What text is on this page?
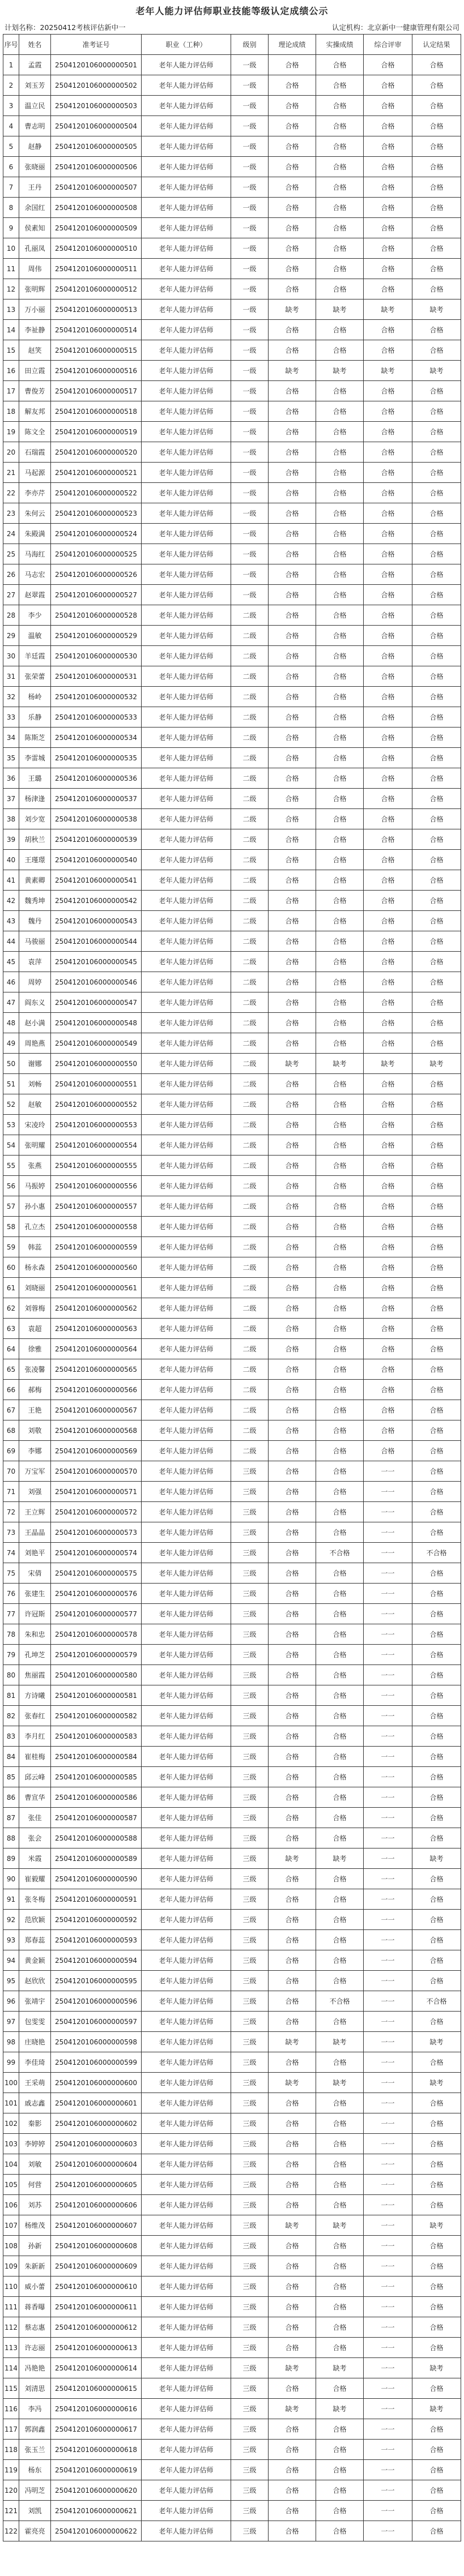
老年人能力评估师职业技能等级认定成绩公示
计划名称：20250412考核评估新中一	认定机构：北京新中一健康管理有限公司
序号	姓名	准考证号	职业（工种）	级别	理论成绩	实操成绩	综合评审	认定结果
1	孟霞	2504120106000000501	老年人能力评估师	一级	合格	合格	合格	合格
2	刘玉芳	2504120106000000502	老年人能力评估师	一级	合格	合格	合格	合格
3	温立民	2504120106000000503	老年人能力评估师	一级	合格	合格	合格	合格
4	曹志明	2504120106000000504	老年人能力评估师	一级	合格	合格	合格	合格
5	赵静	2504120106000000505	老年人能力评估师	一级	合格	合格	合格	合格
6	张晓丽	2504120106000000506	老年人能力评估师	一级	合格	合格	合格	合格
7	王丹	2504120106000000507	老年人能力评估师	一级	合格	合格	合格	合格
8	余国红	2504120106000000508	老年人能力评估师	一级	合格	合格	合格	合格
9	侯素知	2504120106000000509	老年人能力评估师	一级	合格	合格	合格	合格
10	孔丽凤	2504120106000000510	老年人能力评估师	一级	合格	合格	合格	合格
11	周伟	2504120106000000511	老年人能力评估师	一级	合格	合格	合格	合格
12	张明辉	2504120106000000512	老年人能力评估师	一级	合格	合格	合格	合格
13	万小丽	2504120106000000513	老年人能力评估师	一级	缺考	缺考	缺考	缺考
14	李祉静	2504120106000000514	老年人能力评估师	一级	合格	合格	合格	合格
15	赵笑	2504120106000000515	老年人能力评估师	一级	合格	合格	合格	合格
16	田立霞	2504120106000000516	老年人能力评估师	一级	缺考	缺考	缺考	缺考
17	曹俊芳	2504120106000000517	老年人能力评估师	一级	合格	合格	合格	合格
18	解友邦	2504120106000000518	老年人能力评估师	一级	合格	合格	合格	合格
19	陈文全	2504120106000000519	老年人能力评估师	一级	合格	合格	合格	合格
20	石瑞霞	2504120106000000520	老年人能力评估师	一级	合格	合格	合格	合格
21	马起源	2504120106000000521	老年人能力评估师	一级	合格	合格	合格	合格
22	李亦芹	2504120106000000522	老年人能力评估师	一级	合格	合格	合格	合格
23	朱何云	2504120106000000523	老年人能力评估师	一级	合格	合格	合格	合格
24	朱殿满	2504120106000000524	老年人能力评估师	一级	合格	合格	合格	合格
25	马海红	2504120106000000525	老年人能力评估师	一级	合格	合格	合格	合格
26	马志宏	2504120106000000526	老年人能力评估师	一级	合格	合格	合格	合格
27	赵翠霞	2504120106000000527	老年人能力评估师	一级	合格	合格	合格	合格
28	李少	2504120106000000528	老年人能力评估师	二级	合格	合格	合格	合格
29	温敏	2504120106000000529	老年人能力评估师	二级	合格	合格	合格	合格
30	羊廷霞	2504120106000000530	老年人能力评估师	二级	合格	合格	合格	合格
31	张荣蕾	2504120106000000531	老年人能力评估师	二级	合格	合格	合格	合格
32	杨岭	2504120106000000532	老年人能力评估师	二级	合格	合格	合格	合格
33	乐静	2504120106000000533	老年人能力评估师	二级	合格	合格	合格	合格
34	陈斯芝	2504120106000000534	老年人能力评估师	二级	合格	合格	合格	合格
35	李雷城	2504120106000000535	老年人能力评估师	二级	合格	合格	合格	合格
36	王璐	2504120106000000536	老年人能力评估师	二级	合格	合格	合格	合格
37	杨津逢	2504120106000000537	老年人能力评估师	二级	合格	合格	合格	合格
38	刘少宽	2504120106000000538	老年人能力评估师	二级	合格	合格	合格	合格
39	胡秋兰	2504120106000000539	老年人能力评估师	二级	合格	合格	合格	合格
40	王瑾璟	2504120106000000540	老年人能力评估师	二级	合格	合格	合格	合格
41	黄素卿	2504120106000000541	老年人能力评估师	二级	合格	合格	合格	合格
42	魏秀坤	2504120106000000542	老年人能力评估师	二级	合格	合格	合格	合格
43	魏丹	2504120106000000543	老年人能力评估师	二级	合格	合格	合格	合格
44	马骏丽	2504120106000000544	老年人能力评估师	二级	合格	合格	合格	合格
45	袁萍	2504120106000000545	老年人能力评估师	二级	合格	合格	合格	合格
46	周婷	2504120106000000546	老年人能力评估师	二级	合格	合格	合格	合格
47	阎东义	2504120106000000547	老年人能力评估师	二级	合格	合格	合格	合格
48	赵小满	2504120106000000548	老年人能力评估师	二级	合格	合格	合格	合格
49	周艳燕	2504120106000000549	老年人能力评估师	二级	合格	合格	合格	合格
50	谢娜	2504120106000000550	老年人能力评估师	二级	缺考	缺考	缺考	缺考
51	刘畅	2504120106000000551	老年人能力评估师	二级	合格	合格	合格	合格
52	赵敏	2504120106000000552	老年人能力评估师	二级	合格	合格	合格	合格
53	宋凌玲	2504120106000000553	老年人能力评估师	二级	合格	合格	合格	合格
54	张明耀	2504120106000000554	老年人能力评估师	二级	合格	合格	合格	合格
55	张燕	2504120106000000555	老年人能力评估师	二级	合格	合格	合格	合格
56	马振婷	2504120106000000556	老年人能力评估师	二级	合格	合格	合格	合格
57	孙小惠	2504120106000000557	老年人能力评估师	二级	合格	合格	合格	合格
58	孔立杰	2504120106000000558	老年人能力评估师	二级	合格	合格	合格	合格
59	韩蕊	2504120106000000559	老年人能力评估师	二级	合格	合格	合格	合格
60	杨永森	2504120106000000560	老年人能力评估师	二级	合格	合格	合格	合格
61	刘晓丽	2504120106000000561	老年人能力评估师	二级	合格	合格	合格	合格
62	刘蓉梅	2504120106000000562	老年人能力评估师	二级	合格	合格	合格	合格
63	袁超	2504120106000000563	老年人能力评估师	二级	合格	合格	合格	合格
64	徐雅	2504120106000000564	老年人能力评估师	二级	合格	合格	合格	合格
65	张凌馨	2504120106000000565	老年人能力评估师	二级	合格	合格	合格	合格
66	郝梅	2504120106000000566	老年人能力评估师	二级	合格	合格	合格	合格
67	王艳	2504120106000000567	老年人能力评估师	二级	合格	合格	合格	合格
68	刘敬	2504120106000000568	老年人能力评估师	二级	合格	合格	合格	合格
69	李娜	2504120106000000569	老年人能力评估师	二级	合格	合格	合格	合格
70	万宝军	2504120106000000570	老年人能力评估师	三级	合格	合格	一一	合格
71	刘强	2504120106000000571	老年人能力评估师	三级	合格	合格	一一	合格
72	王立辉	2504120106000000572	老年人能力评估师	三级	合格	合格	一一	合格
73	王晶晶	2504120106000000573	老年人能力评估师	三级	合格	合格	一一	合格
74	刘艳平	2504120106000000574	老年人能力评估师	三级	合格	不合格	一一	不合格
75	宋倩	2504120106000000575	老年人能力评估师	三级	合格	合格	一一	合格
76	张建生	2504120106000000576	老年人能力评估师	三级	合格	合格	一一	合格
77	许冠斯	2504120106000000577	老年人能力评估师	三级	合格	合格	一一	合格
78	朱和忠	2504120106000000578	老年人能力评估师	三级	合格	合格	一一	合格
79	孔坤芝	2504120106000000579	老年人能力评估师	三级	合格	合格	一一	合格
80	焦丽霞	2504120106000000580	老年人能力评估师	三级	合格	合格	一一	合格
81	方诗曦	2504120106000000581	老年人能力评估师	三级	合格	合格	一一	合格
82	张春红	2504120106000000582	老年人能力评估师	三级	合格	合格	一一	合格
83	李月红	2504120106000000583	老年人能力评估师	三级	合格	合格	一一	合格
84	崔桂梅	2504120106000000584	老年人能力评估师	三级	合格	合格	一一	合格
85	邱云峰	2504120106000000585	老年人能力评估师	三级	合格	合格	一一	合格
86	曹宣华	2504120106000000586	老年人能力评估师	三级	合格	合格	一一	合格
87	张佳	2504120106000000587	老年人能力评估师	三级	合格	合格	一一	合格
88	张会	2504120106000000588	老年人能力评估师	三级	合格	合格	一一	合格
89	米霞	2504120106000000589	老年人能力评估师	三级	缺考	缺考	一一	缺考
90	崔毅耀	2504120106000000590	老年人能力评估师	三级	合格	合格	一一	合格
91	张冬梅	2504120106000000591	老年人能力评估师	三级	合格	合格	一一	合格
92	范欣颖	2504120106000000592	老年人能力评估师	三级	合格	合格	一一	合格
93	郑春蕊	2504120106000000593	老年人能力评估师	三级	合格	合格	一一	合格
94	黄金颖	2504120106000000594	老年人能力评估师	三级	合格	合格	一一	合格
95	赵欣欣	2504120106000000595	老年人能力评估师	三级	合格	合格	一一	合格
96	张靖宇	2504120106000000596	老年人能力评估师	三级	合格	不合格	一一	不合格
97	包雯雯	2504120106000000597	老年人能力评估师	三级	合格	合格	一一	合格
98	庄晓艳	2504120106000000598	老年人能力评估师	三级	缺考	缺考	一一	缺考
99	李佳琦	2504120106000000599	老年人能力评估师	三级	合格	合格	一一	合格
100	王采萌	2504120106000000600	老年人能力评估师	三级	缺考	缺考	一一	缺考
101	戚志鑫	2504120106000000601	老年人能力评估师	三级	合格	合格	一一	合格
102	秦影	2504120106000000602	老年人能力评估师	三级	合格	合格	一一	合格
103	李婷婷	2504120106000000603	老年人能力评估师	三级	合格	合格	一一	合格
104	刘敏	2504120106000000604	老年人能力评估师	三级	合格	合格	一一	合格
105	何营	2504120106000000605	老年人能力评估师	三级	合格	合格	一一	合格
106	刘苏	2504120106000000606	老年人能力评估师	三级	合格	合格	一一	合格
107	杨维茂	2504120106000000607	老年人能力评估师	三级	缺考	缺考	一一	缺考
108	孙新	2504120106000000608	老年人能力评估师	三级	合格	合格	一一	合格
109	朱新新	2504120106000000609	老年人能力评估师	三级	合格	合格	一一	合格
110	威小蕾	2504120106000000610	老年人能力评估师	三级	合格	合格	一一	合格
111	蒋香曝	2504120106000000611	老年人能力评估师	三级	合格	合格	一一	合格
112	蔡志惠	2504120106000000612	老年人能力评估师	三级	合格	合格	一一	合格
113	许志丽	2504120106000000613	老年人能力评估师	三级	合格	合格	一一	合格
114	冯艳艳	2504120106000000614	老年人能力评估师	三级	缺考	缺考	一一	缺考
115	刘清思	2504120106000000615	老年人能力评估师	三级	合格	合格	一一	合格
116	李冯	2504120106000000616	老年人能力评估师	三级	缺考	缺考	一一	缺考
117	郭润鑫	2504120106000000617	老年人能力评估师	三级	合格	合格	一一	合格
118	张玉兰	2504120106000000618	老年人能力评估师	三级	合格	合格	一一	合格
119	杨东	2504120106000000619	老年人能力评估师	三级	合格	合格	一一	合格
120	冯明芝	2504120106000000620	老年人能力评估师	三级	合格	合格	一一	合格
121	刘凯	2504120106000000621	老年人能力评估师	三级	合格	合格	一一	合格
122	霍亮亮	2504120106000000622	老年人能力评估师	三级	合格	合格	一一	合格
